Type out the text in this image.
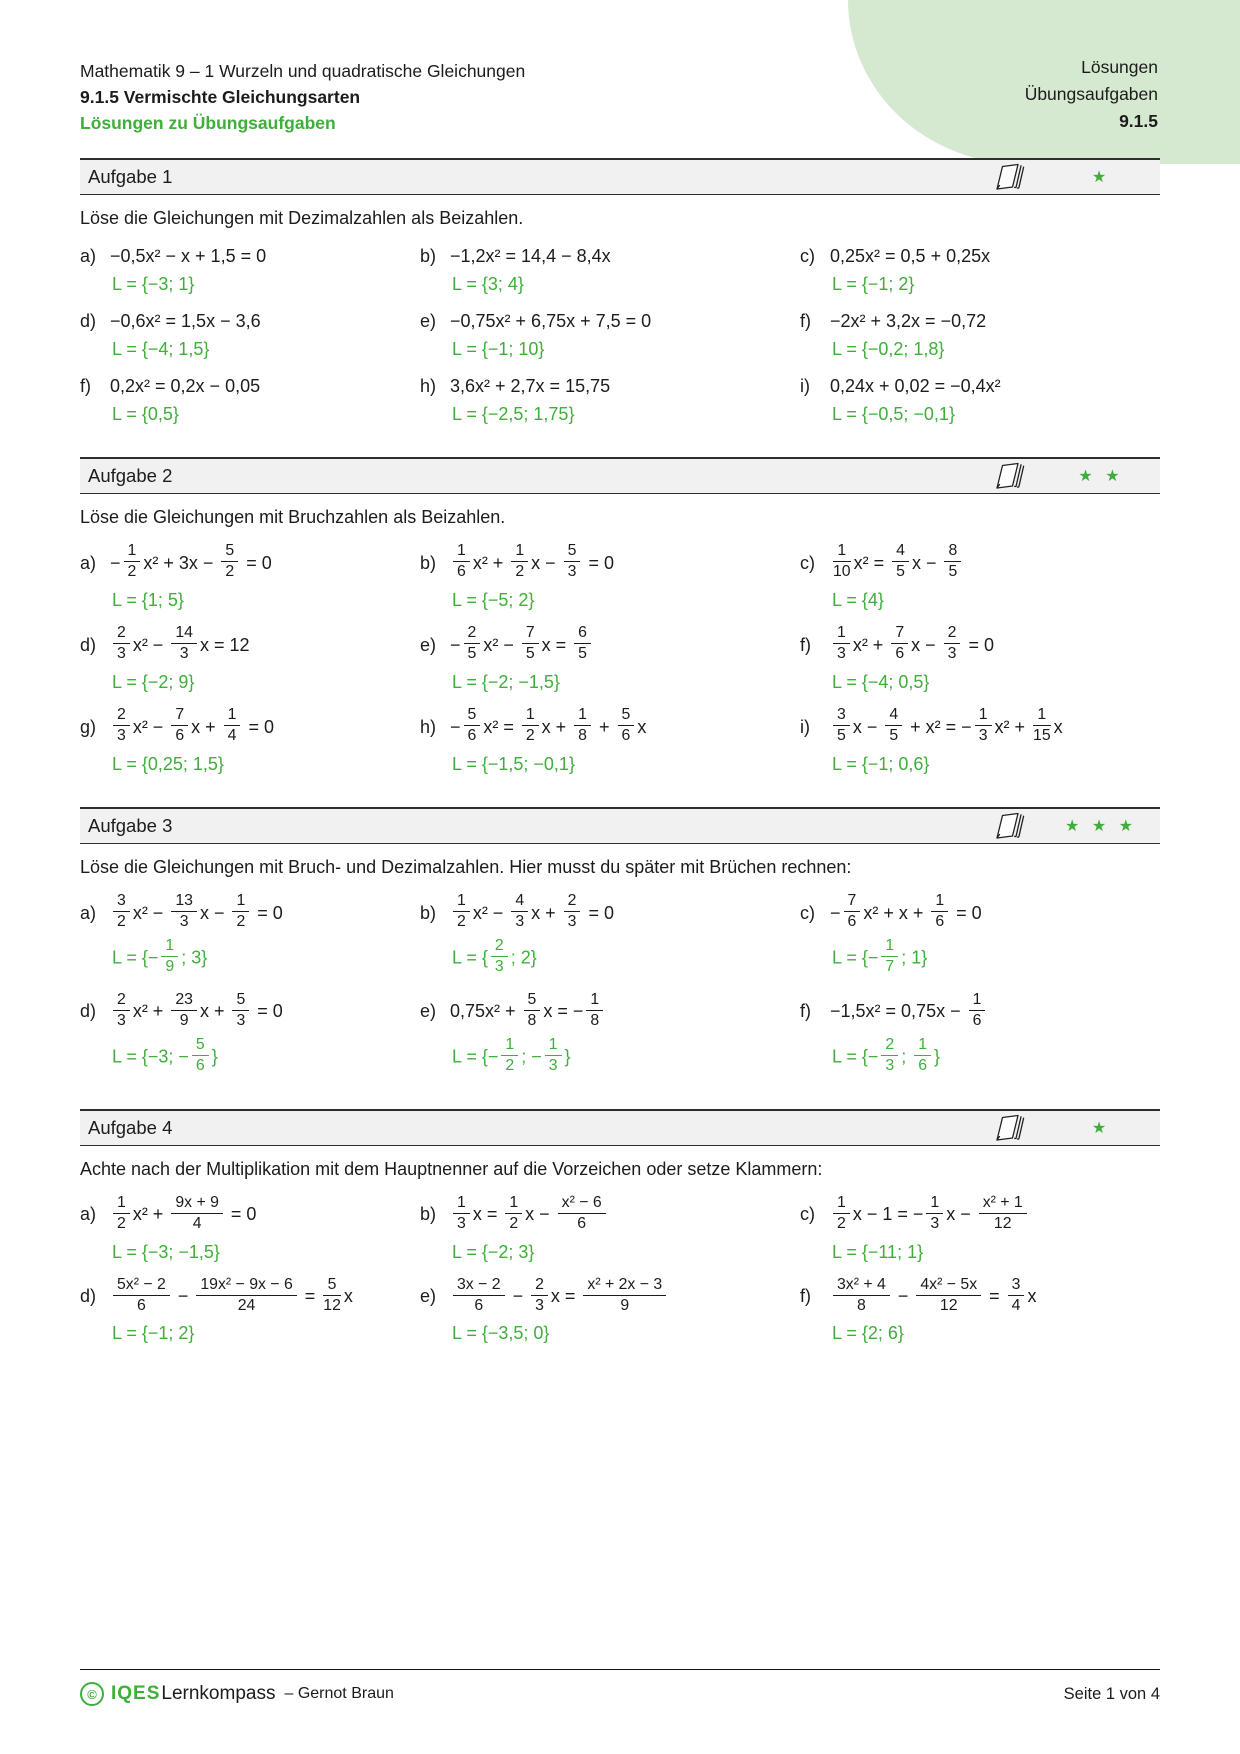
Lösungen
Übungsaufgaben
9.1.5
Mathematik 9 – 1 Wurzeln und quadratische Gleichungen
9.1.5 Vermischte Gleichungsarten
Lösungen zu Übungsaufgaben
Aufgabe 1	★

Löse die Gleichungen mit Dezimalzahlen als Beizahlen.

a) −0,5x² − x + 1,5 = 0
L = {−3; 1}
b) −1,2x² = 14,4 − 8,4x
L = {3; 4}
c) 0,25x² = 0,5 + 0,25x
L = {−1; 2}
d) −0,6x² = 1,5x − 3,6
L = {−4; 1,5}
e) −0,75x² + 6,75x + 7,5 = 0
L = {−1; 10}
f) −2x² + 3,2x = −0,72
L = {−0,2; 1,8}
f) 0,2x² = 0,2x − 0,05
L = {0,5}
h) 3,6x² + 2,7x = 15,75
L = {−2,5; 1,75}
i) 0,24x + 0,02 = −0,4x²
L = {−0,5; −0,1}
Aufgabe 2	★ ★

Löse die Gleichungen mit Bruchzahlen als Beizahlen.

$a) - \frac{1}{2} x^2 + 3x - \frac{5}{2} = 0$
L = {1; 5}
$b) \frac{1}{6} x^2 + \frac{1}{2}$ $x - \frac{5}{3} = 0$
L = {−5; 2}
$c) \frac{1}{10} x^2 = \frac{4}{5}$ $x - \frac{8}{5}$
L = {4}
$d) \frac{2}{3} x^2 - \frac{14}{3}$ x = 12
L = {−2; 9}
$e) - \frac{2}{5} x^2 - \frac{7}{5}$ $x = \frac{6}{5}$
L = {−2; −1,5}
$f) \frac{1}{3} x^2 + \frac{7}{6}$ $x - \frac{2}{3} = 0$
L = {−4; 0,5}
$g) \frac{2}{3} x^2 - \frac{7}{6}$ $x + \frac{1}{4} = 0$
L = {0,25; 1,5}
$h) - \frac{5}{6} x^2 = \frac{1}{2}$ $x + \frac{1}{8} + \frac{5}{6}$ x
L = {−1,5; −0,1}
$i) \frac{3}{5}$ $x - \frac{4}{5} + x^2$ = − $\frac{1}{3} x^2 + \frac{1}{15}$ x
L = {−1; 0,6}
Aufgabe 3	★ ★ ★

Löse die Gleichungen mit Bruch- und Dezimalzahlen. Hier musst du später mit Brüchen rechnen:

$a) \frac{3}{2} x^2 - \frac{13}{3}$ $x - \frac{1}{2} = 0$
L = {− $\frac{1}{9}$ ; 3}
$b) \frac{1}{2} x^2 - \frac{4}{3}$ $x + \frac{2}{3} = 0$
L = { $\frac{2}{3}$ ; 2}
$c) - \frac{7}{6} x^2 + x + \frac{1}{6} = 0$
L = {− $\frac{1}{7}$ ; 1}
$d) \frac{2}{3} x^2 + \frac{23}{9}$ $x + \frac{5}{3} = 0$
L = {−3; − $\frac{5}{6}$ }
e) $0,75x^2 + \frac{5}{8}$ x = − $\frac{1}{8}$
L = {− $\frac{1}{2}$ ; − $\frac{1}{3}$ }
$f) -1,5x^2 = 0,75x - \frac{1}{6}$
L = {− $\frac{2}{3}$ ; $\frac{1}{6}$ }
Aufgabe 4	★

Achte nach der Multiplikation mit dem Hauptnenner auf die Vorzeichen oder setze Klammern:

$a) \frac{1}{2} x^2 + \frac{9x + 9}{4} = 0$
L = {−3; −1,5}
$b) \frac{1}{3}$ $x = \frac{1}{2}$ $x - \frac{\text{x² − 6}}{6}$
L = {−2; 3}
$c) \frac{1}{2}$ x − 1 = − $\frac{1}{3}$ $x - \frac{\text{x² + 1}}{12}$
L = {−11; 1}
$d) \frac{\text{5x² − 2}}{6} - \frac{\text{19x² − 9x − 6}}{24} = \frac{5}{12}$ x
L = {−1; 2}
$e) \frac{3x - 2}{6} - \frac{2}{3}$ $x = \frac{\text{x² + 2x − 3}}{9}$
L = {−3,5; 0}
$f) \frac{\text{3x² + 4}}{8} - \frac{\text{4x² − 5x}}{12} = \frac{3}{4}$ x
L = {2; 6}
© IQES Lernkompass – Gernot Braun	Seite 1 von 4
